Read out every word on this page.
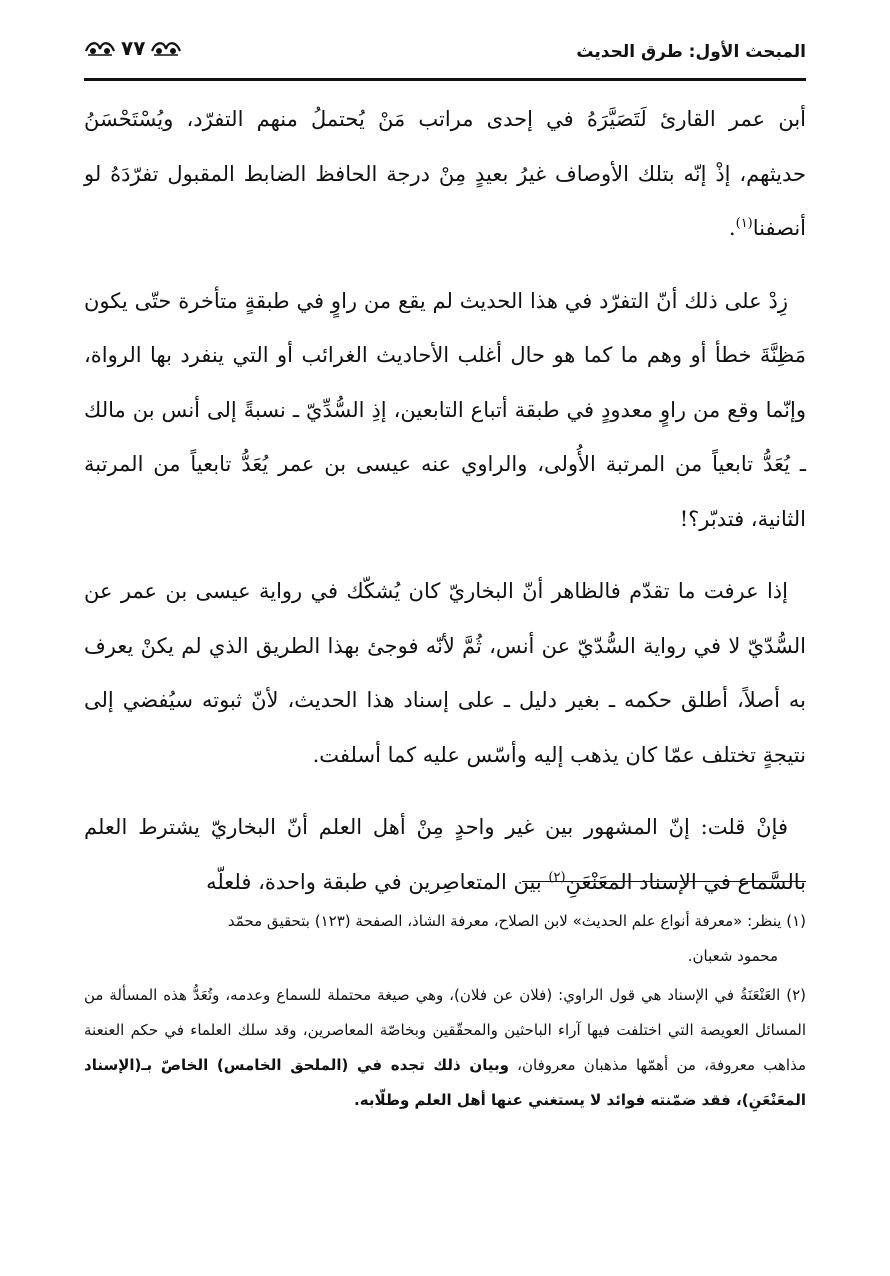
المبحث الأول: طرق الحديث
٧٧

أبن عمر القارئ لَتَصَيَّرَهُ في إحدى مراتب مَنْ يُحتملُ منهم التفرّد، ويُسْتَحْسَنُ حديثهم، إذْ إنّه بتلك الأوصاف غيرُ بعيدٍ مِنْ درجة الحافظ الضابط المقبول تفرّدَهُ لو أنصفنا$^{(١)}$.

زِدْ على ذلك أنّ التفرّد في هذا الحديث لم يقع من راوٍ في طبقةٍ متأخرة حتّى يكون مَظِنَّةَ خطأ أو وهم ما كما هو حال أغلب الأحاديث الغرائب أو التي ينفرد بها الرواة، وإنّما وقع من راوٍ معدودٍ في طبقة أتباع التابعين، إذِ السُّدِّيّ ـ نسبةً إلى أنس بن مالك ـ يُعَدُّ تابعياً من المرتبة الأُولى، والراوي عنه عيسى بن عمر يُعَدُّ تابعياً من المرتبة الثانية، فتدبّر؟!

إذا عرفت ما تقدّم فالظاهر أنّ البخاريّ كان يُشكّك في رواية عيسى بن عمر عن السُّدّيّ لا في رواية السُّدّيّ عن أنس، ثُمَّ لأنّه فوجئ بهذا الطريق الذي لم يكنْ يعرف به أصلاً، أطلق حكمه ـ بغير دليل ـ على إسناد هذا الحديث، لأنّ ثبوته سيُفضي إلى نتيجةٍ تختلف عمّا كان يذهب إليه وأسّس عليه كما أسلفت.

فإنْ قلت: إنّ المشهور بين غير واحدٍ مِنْ أهل العلم أنّ البخاريّ يشترط العلم بالسَّماع في الإسناد المعَنْعَنِ$^{(٢)}$ بين المتعاصِرين في طبقة واحدة، فلعلّه

(١) ينظر: «معرفة أنواع علم الحديث» لابن الصلاح، معرفة الشاذ، الصفحة (١٢٣) بتحقيق محمّد
محمود شعبان.
(٢) العَنْعَنَةُ في الإسناد هي قول الراوي: (فلان عن فلان)، وهي صيغة محتملة للسماع وعدمه، وتُعَدُّ هذه المسألة من المسائل العويصة التي اختلفت فيها آراء الباحثين والمحقّقين وبخاصّة المعاصرين، وقد سلك العلماء في حكم العنعنة مذاهب معروفة، من أهمّها مذهبان معروفان، وبيان ذلك تجده في (الملحق الخامس) الخاصّ بـ(الإسناد المعَنْعَنِ)، فقد ضمّنته فوائد لا يستغني عنها أهل العلم وطلّابه.
